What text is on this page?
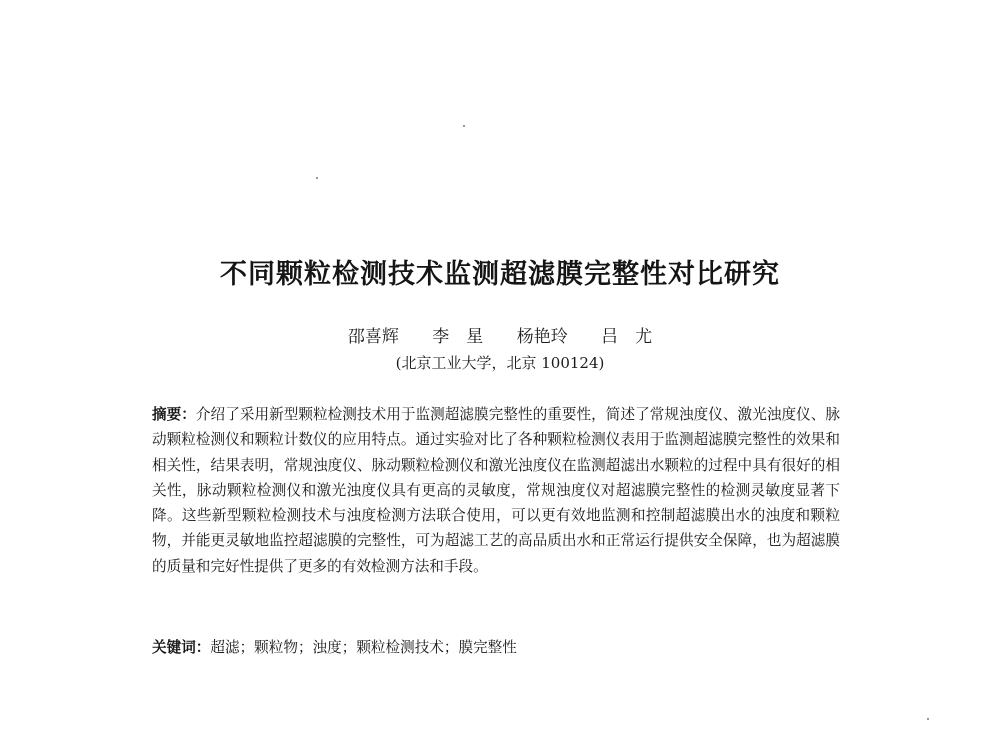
不同颗粒检测技术监测超滤膜完整性对比研究
邵喜辉 李　星 杨艳玲 吕　尤
(北京工业大学，北京 100124)
摘要：介绍了采用新型颗粒检测技术用于监测超滤膜完整性的重要性，简述了常规浊度仪、激光浊度仪、脉动颗粒检测仪和颗粒计数仪的应用特点。通过实验对比了各种颗粒检测仪表用于监测超滤膜完整性的效果和相关性，结果表明，常规浊度仪、脉动颗粒检测仪和激光浊度仪在监测超滤出水颗粒的过程中具有很好的相关性，脉动颗粒检测仪和激光浊度仪具有更高的灵敏度，常规浊度仪对超滤膜完整性的检测灵敏度显著下降。这些新型颗粒检测技术与浊度检测方法联合使用，可以更有效地监测和控制超滤膜出水的浊度和颗粒物，并能更灵敏地监控超滤膜的完整性，可为超滤工艺的高品质出水和正常运行提供安全保障，也为超滤膜的质量和完好性提供了更多的有效检测方法和手段。
关键词：超滤；颗粒物；浊度；颗粒检测技术；膜完整性
